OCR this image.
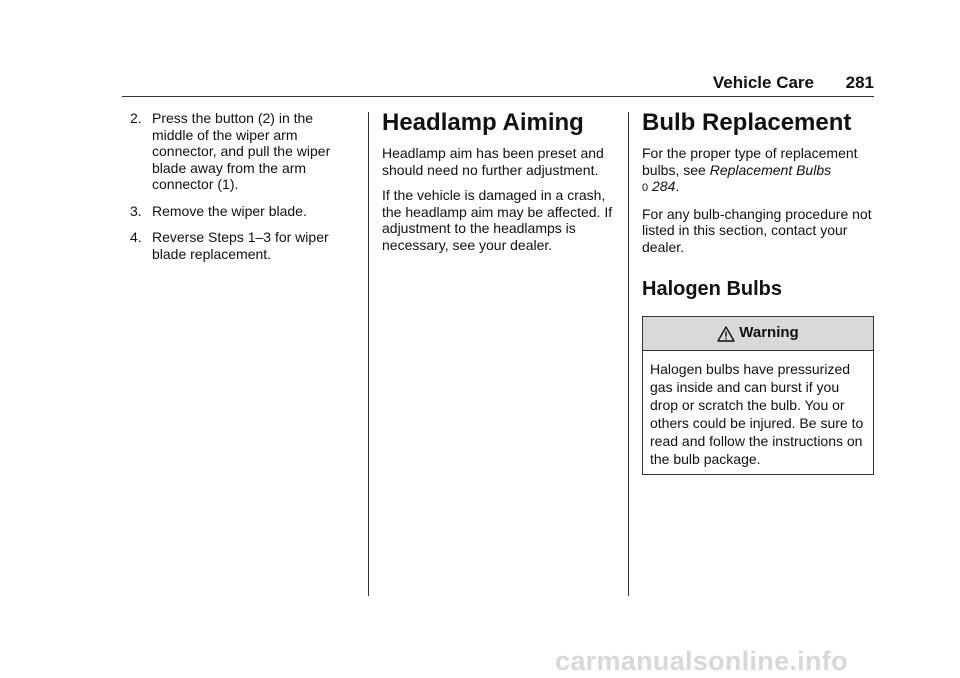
Vehicle Care 281
2. Press the button (2) in the middle of the wiper arm connector, and pull the wiper blade away from the arm connector (1).
3. Remove the wiper blade.
4. Reverse Steps 1–3 for wiper blade replacement.
Headlamp Aiming

Headlamp aim has been preset and should need no further adjustment.

If the vehicle is damaged in a crash, the headlamp aim may be affected. If adjustment to the headlamps is necessary, see your dealer.

Bulb Replacement

For the proper type of replacement bulbs, see Replacement Bulbs
0 284.

For any bulb-changing procedure not listed in this section, contact your dealer.

Halogen Bulbs
Warning
Halogen bulbs have pressurized gas inside and can burst if you drop or scratch the bulb. You or others could be injured. Be sure to read and follow the instructions on the bulb package.
carmanualsonline.info
